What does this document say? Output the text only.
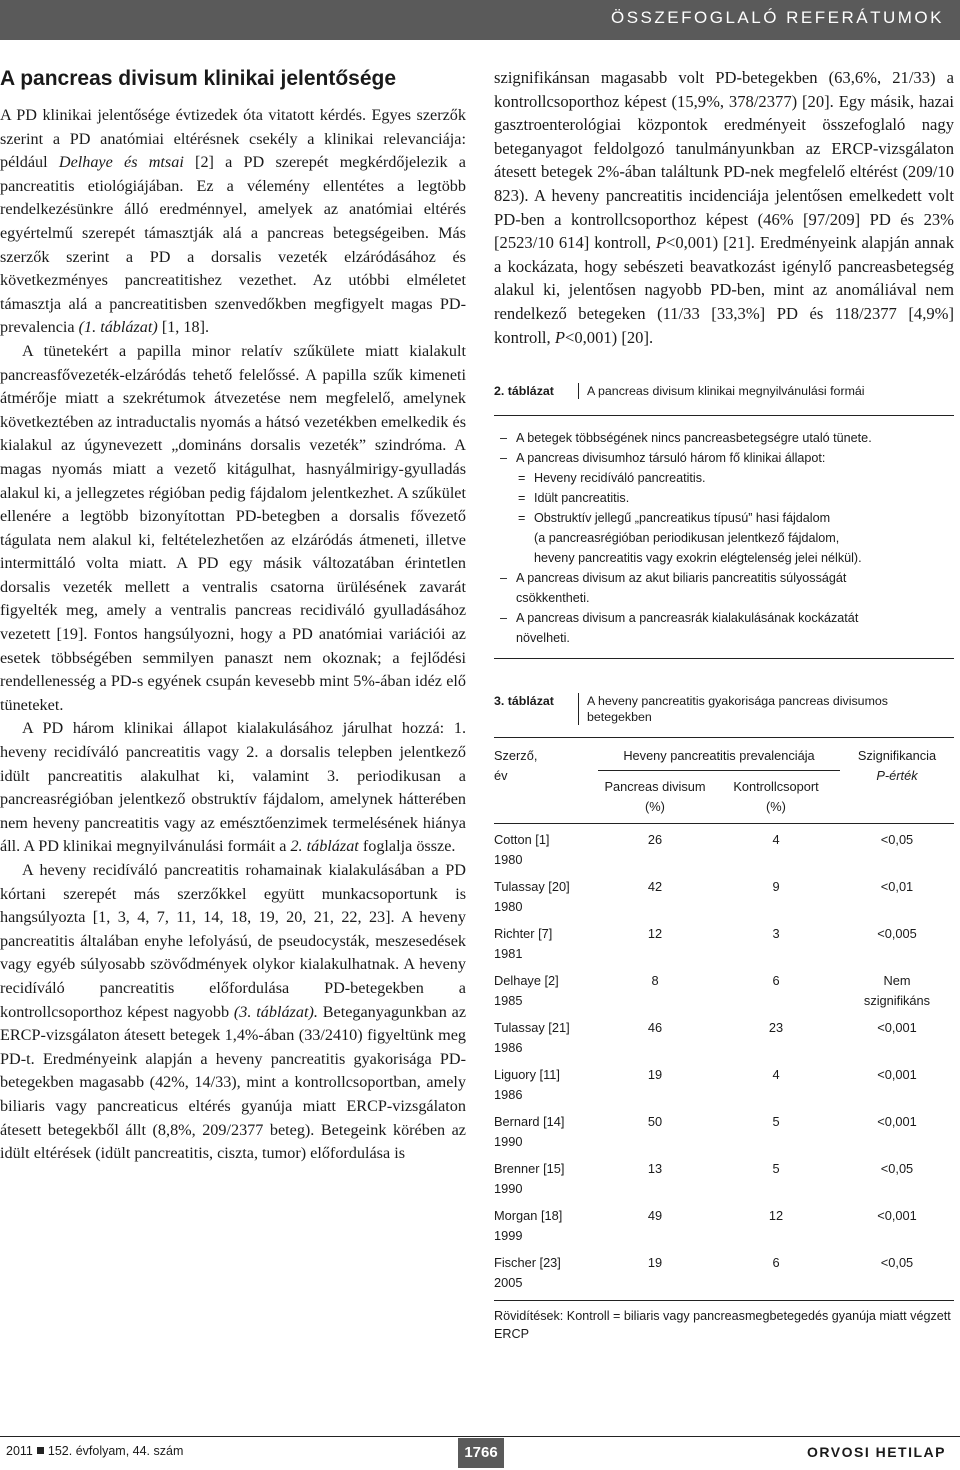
ÖSSZEFOGLALÓ REFERÁTUMOK
A pancreas divisum klinikai jelentősége

A PD klinikai jelentősége évtizedek óta vitatott kérdés. Egyes szerzők szerint a PD anatómiai eltérésnek csekély a klinikai relevanciája: például Delhaye és mtsai [2] a PD szerepét megkérdőjelezik a pancreatitis etiológiájában. Ez a vélemény ellentétes a legtöbb rendelkezésünkre álló eredménnyel, amelyek az anatómiai eltérés egyértelmű szerepét támasztják alá a pancreas betegségeiben. Más szerzők szerint a PD a dorsalis vezeték elzáródásához és következményes pancreatitishez vezethet. Az utóbbi elméletet támasztja alá a pancreatitisben szenvedőkben megfigyelt magas PD-prevalencia (1. táblázat) [1, 18].

A tünetekért a papilla minor relatív szűkülete miatt kialakult pancreasfővezeték-elzáródás tehető felelőssé. A papilla szűk kimeneti átmérője miatt a szekrétumok átvezetése nem megfelelő, amelynek következtében az intraductalis nyomás a hátsó vezetékben emelkedik és kialakul az úgynevezett „domináns dorsalis vezeték” szindróma. A magas nyomás miatt a vezető kitágulhat, hasnyálmirigy-gyulladás alakul ki, a jellegzetes régióban pedig fájdalom jelentkezhet. A szűkület ellenére a legtöbb bizonyítottan PD-betegben a dorsalis fővezető tágulata nem alakul ki, feltételezhetően az elzáródás átmeneti, illetve intermittáló volta miatt. A PD egy másik változatában érintetlen dorsalis vezeték mellett a ventralis csatorna ürülésének zavarát figyelték meg, amely a ventralis pancreas recidiváló gyulladásához vezetett [19]. Fontos hangsúlyozni, hogy a PD anatómiai variációi az esetek többségében semmilyen panaszt nem okoznak; a fejlődési rendellenesség a PD-s egyének csupán kevesebb mint 5%-ában idéz elő tüneteket.

A PD három klinikai állapot kialakulásához járulhat hozzá: 1. heveny recidíváló pancreatitis vagy 2. a dorsalis telepben jelentkező idült pancreatitis alakulhat ki, valamint 3. periodikusan a pancreasrégióban jelentkező obstruktív fájdalom, amelynek hátterében nem heveny pancreatitis vagy az emésztőenzimek termelésének hiánya áll. A PD klinikai megnyilvánulási formáit a 2. táblázat foglalja össze.

A heveny recidíváló pancreatitis rohamainak kialakulásában a PD kórtani szerepét más szerzőkkel együtt munkacsoportunk is hangsúlyozta [1, 3, 4, 7, 11, 14, 18, 19, 20, 21, 22, 23]. A heveny pancreatitis általában enyhe lefolyású, de pseudocysták, meszesedések vagy egyéb súlyosabb szövődmények olykor kialakulhatnak. A heveny recidíváló pancreatitis előfordulása PD-betegekben a kontrollcsoporthoz képest nagyobb (3. táblázat). Beteganyagunkban az ERCP-vizsgálaton átesett betegek 1,4%-ában (33/2410) figyeltünk meg PD-t. Eredményeink alapján a heveny pancreatitis gyakorisága PD-betegekben magasabb (42%, 14/33), mint a kontrollcsoportban, amely biliaris vagy pancreaticus eltérés gyanúja miatt ERCP-vizsgálaton átesett betegekből állt (8,8%, 209/2377 beteg). Betegeink körében az idült eltérések (idült pancreatitis, ciszta, tumor) előfordulása is

szignifikánsan magasabb volt PD-betegekben (63,6%, 21/33) a kontrollcsoporthoz képest (15,9%, 378/2377) [20]. Egy másik, hazai gasztroenterológiai központok eredményeit összefoglaló nagy beteganyagot feldolgozó tanulmányunkban az ERCP-vizsgálaton átesett betegek 2%-ában találtunk PD-nek megfelelő eltérést (209/10 823). A heveny pancreatitis incidenciája jelentősen emelkedett volt PD-ben a kontrollcsoporthoz képest (46% [97/209] PD és 23% [2523/10 614] kontroll, P<0,001) [21]. Eredményeink alapján annak a kockázata, hogy sebészeti beavatkozást igénylő pancreasbetegség alakul ki, jelentősen nagyobb PD-ben, mint az anomáliával nem rendelkező betegeken (11/33 [33,3%] PD és 118/2377 [4,9%] kontroll, P<0,001) [20].

2. táblázat	A pancreas divisum klinikai megnyilvánulási formái
– A betegek többségének nincs pancreasbetegségre utaló tünete.
– A pancreas divisumhoz társuló három fő klinikai állapot:
= Heveny recidíváló pancreatitis.
= Idült pancreatitis.
= Obstruktív jellegű „pancreatikus típusú” hasi fájdalom
(a pancreasrégióban periodikusan jelentkező fájdalom,
heveny pancreatitis vagy exokrin elégtelenség jelei nélkül).
– A pancreas divisum az akut biliaris pancreatitis súlyosságát
csökkentheti.
– A pancreas divisum a pancreasrák kialakulásának kockázatát
növelheti.
3. táblázat	A heveny pancreatitis gyakorisága pancreas divisumos betegekben
Szerző,
év	Heveny pancreatitis prevalenciája		Szignifikancia
P-érték
	Pancreas divisum
(%)	Kontrollcsoport
(%)	

Cotton [1]
1980	26	4	<0,05
Tulassay [20]
1980	42	9	<0,01
Richter [7]
1981	12	3	<0,005
Delhaye [2]
1985	8	6	Nem
szignifikáns
Tulassay [21]
1986	46	23	<0,001
Liguory [11]
1986	19	4	<0,001
Bernard [14]
1990	50	5	<0,001
Brenner [15]
1990	13	5	<0,05
Morgan [18]
1999	49	12	<0,001
Fischer [23]
2005	19	6	<0,05
Rövidítések: Kontroll = biliaris vagy pancreasmegbetegedés gyanúja miatt végzett ERCP
2011 152. évfolyam, 44. szám	1766	ORVOSI HETILAP
